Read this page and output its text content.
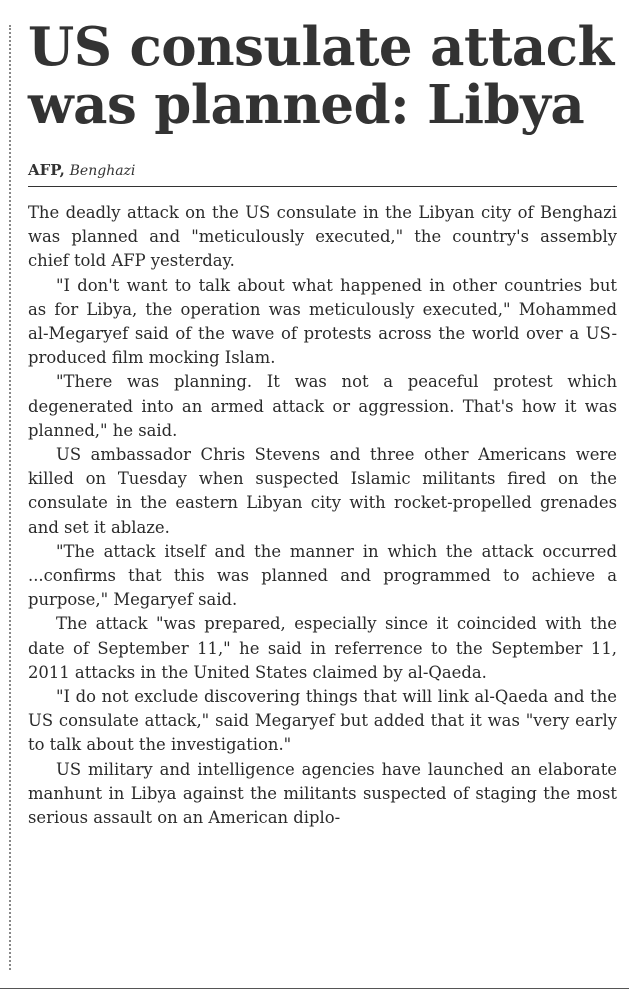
US consulate attack was planned: Libya
AFP, Benghazi

The deadly attack on the US consulate in the Libyan city of Benghazi was planned and "meticulously executed," the country's assembly chief told AFP yesterday.

"I don't want to talk about what happened in other countries but as for Libya, the operation was meticulously executed," Mohammed al-Megaryef said of the wave of protests across the world over a US-produced film mocking Islam.

"There was planning. It was not a peaceful protest which degenerated into an armed attack or aggression. That's how it was planned," he said.

US ambassador Chris Stevens and three other Americans were killed on Tuesday when suspected Islamic militants fired on the consulate in the eastern Libyan city with rocket-propelled grenades and set it ablaze.

"The attack itself and the manner in which the attack occurred ...confirms that this was planned and programmed to achieve a purpose," Megaryef said.

The attack "was prepared, especially since it coincided with the date of September 11," he said in referrence to the September 11, 2011 attacks in the United States claimed by al-Qaeda.

"I do not exclude discovering things that will link al-Qaeda and the US consulate attack," said Megaryef but added that it was "very early to talk about the investigation."

US military and intelligence agencies have launched an elaborate manhunt in Libya against the militants suspected of staging the most serious assault on an American diplo-
